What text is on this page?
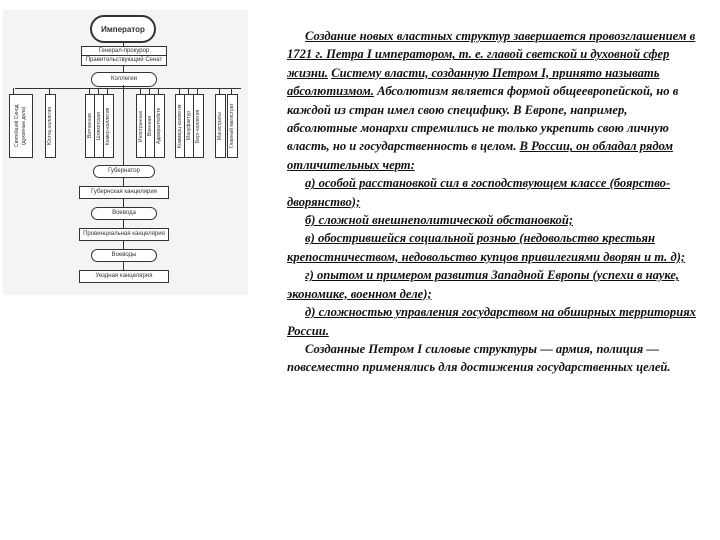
Император
Генерал-прокурор
Правительствующий Сенат
Коллегии
Святейший Синод (духовные дела)	Юстиц-коллегия	Вотчинная Шляхетская Камер-коллегия	Иностранных Военная Адмиралтейств	Коммерц-коллегия Мануфактур Берг-коллегия	Магистраты	Главный магистрат
Губернатор
Губернская канцелярия
Воевода
Провинциальная канцелярия
Воеводы
Уездная канцелярия

Создание новых властных структур завершается провозглашением в 1721 г. Петра I императором, т. е. главой светской и духовной сфер жизни. Систему власти, созданную Петром I, принято называть абсолютизмом. Абсолютизм является формой общеевропейской, но в каждой из стран имел свою специфику. В Европе, например, абсолютные монархи стремились не только укрепить свою личную власть, но и государственность в целом. В России, он обладал рядом отличительных черт:

а) особой расстановкой сил в господствующем классе (боярство-дворянство);

б) сложной внешнеполитической обстановкой;

в) обострившейся социальной рознью (недовольство крестьян крепостничеством, недовольство купцов привилегиями дворян и т. д);

г) опытом и примером развития Западной Европы (успехи в науке, экономике, военном деле);

д) сложностью управления государством на обширных территориях России.

Созданные Петром I силовые структуры — армия, полиция — повсеместно применялись для достижения государственных целей.
